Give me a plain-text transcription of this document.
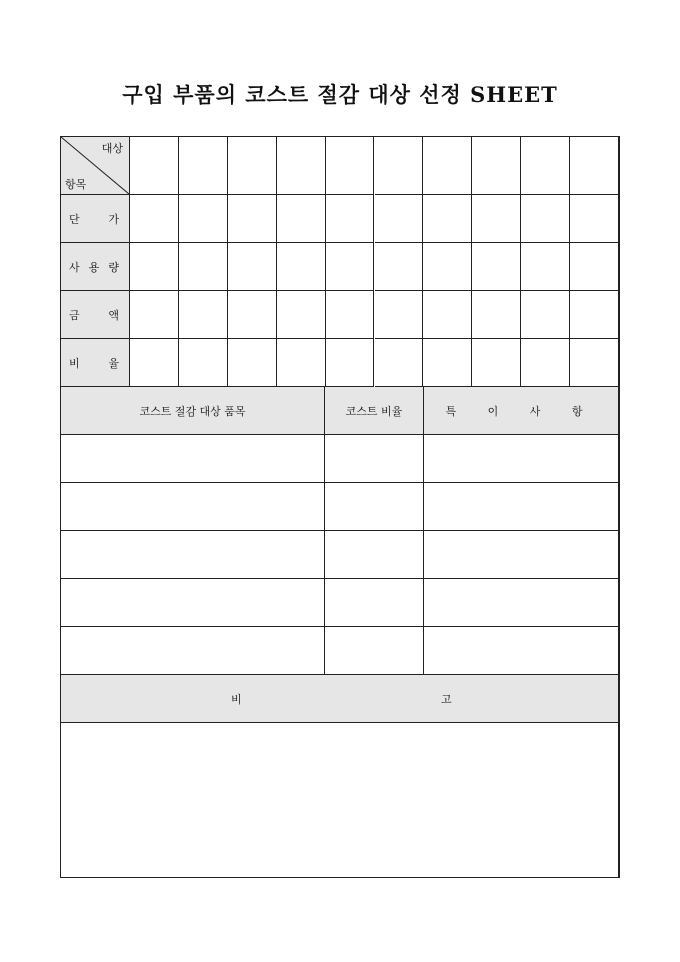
구입 부품의 코스트 절감 대상 선정 SHEET
대상
항목
단	가
사 용 량
금	액
비	율
코스트 절감 대상 품목	코스트 비율	특 이 사 항
비	고
